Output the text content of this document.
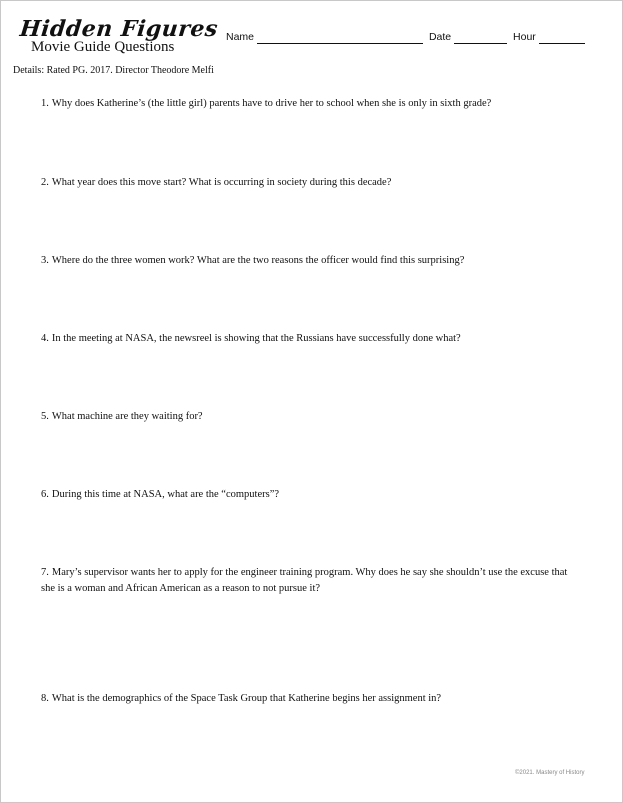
Hidden Figures
Movie Guide Questions
Name	Date	Hour
Details: Rated PG. 2017. Director Theodore Melfi
1. Why does Katherine’s (the little girl) parents have to drive her to school when she is only in sixth grade?
2. What year does this move start? What is occurring in society during this decade?
3. Where do the three women work? What are the two reasons the officer would find this surprising?
4. In the meeting at NASA, the newsreel is showing that the Russians have successfully done what?
5. What machine are they waiting for?
6. During this time at NASA, what are the “computers”?
7. Mary’s supervisor wants her to apply for the engineer training program. Why does he say she shouldn’t use the excuse that she is a woman and African American as a reason to not pursue it?
8. What is the demographics of the Space Task Group that Katherine begins her assignment in?
©2021. Mastery of History
